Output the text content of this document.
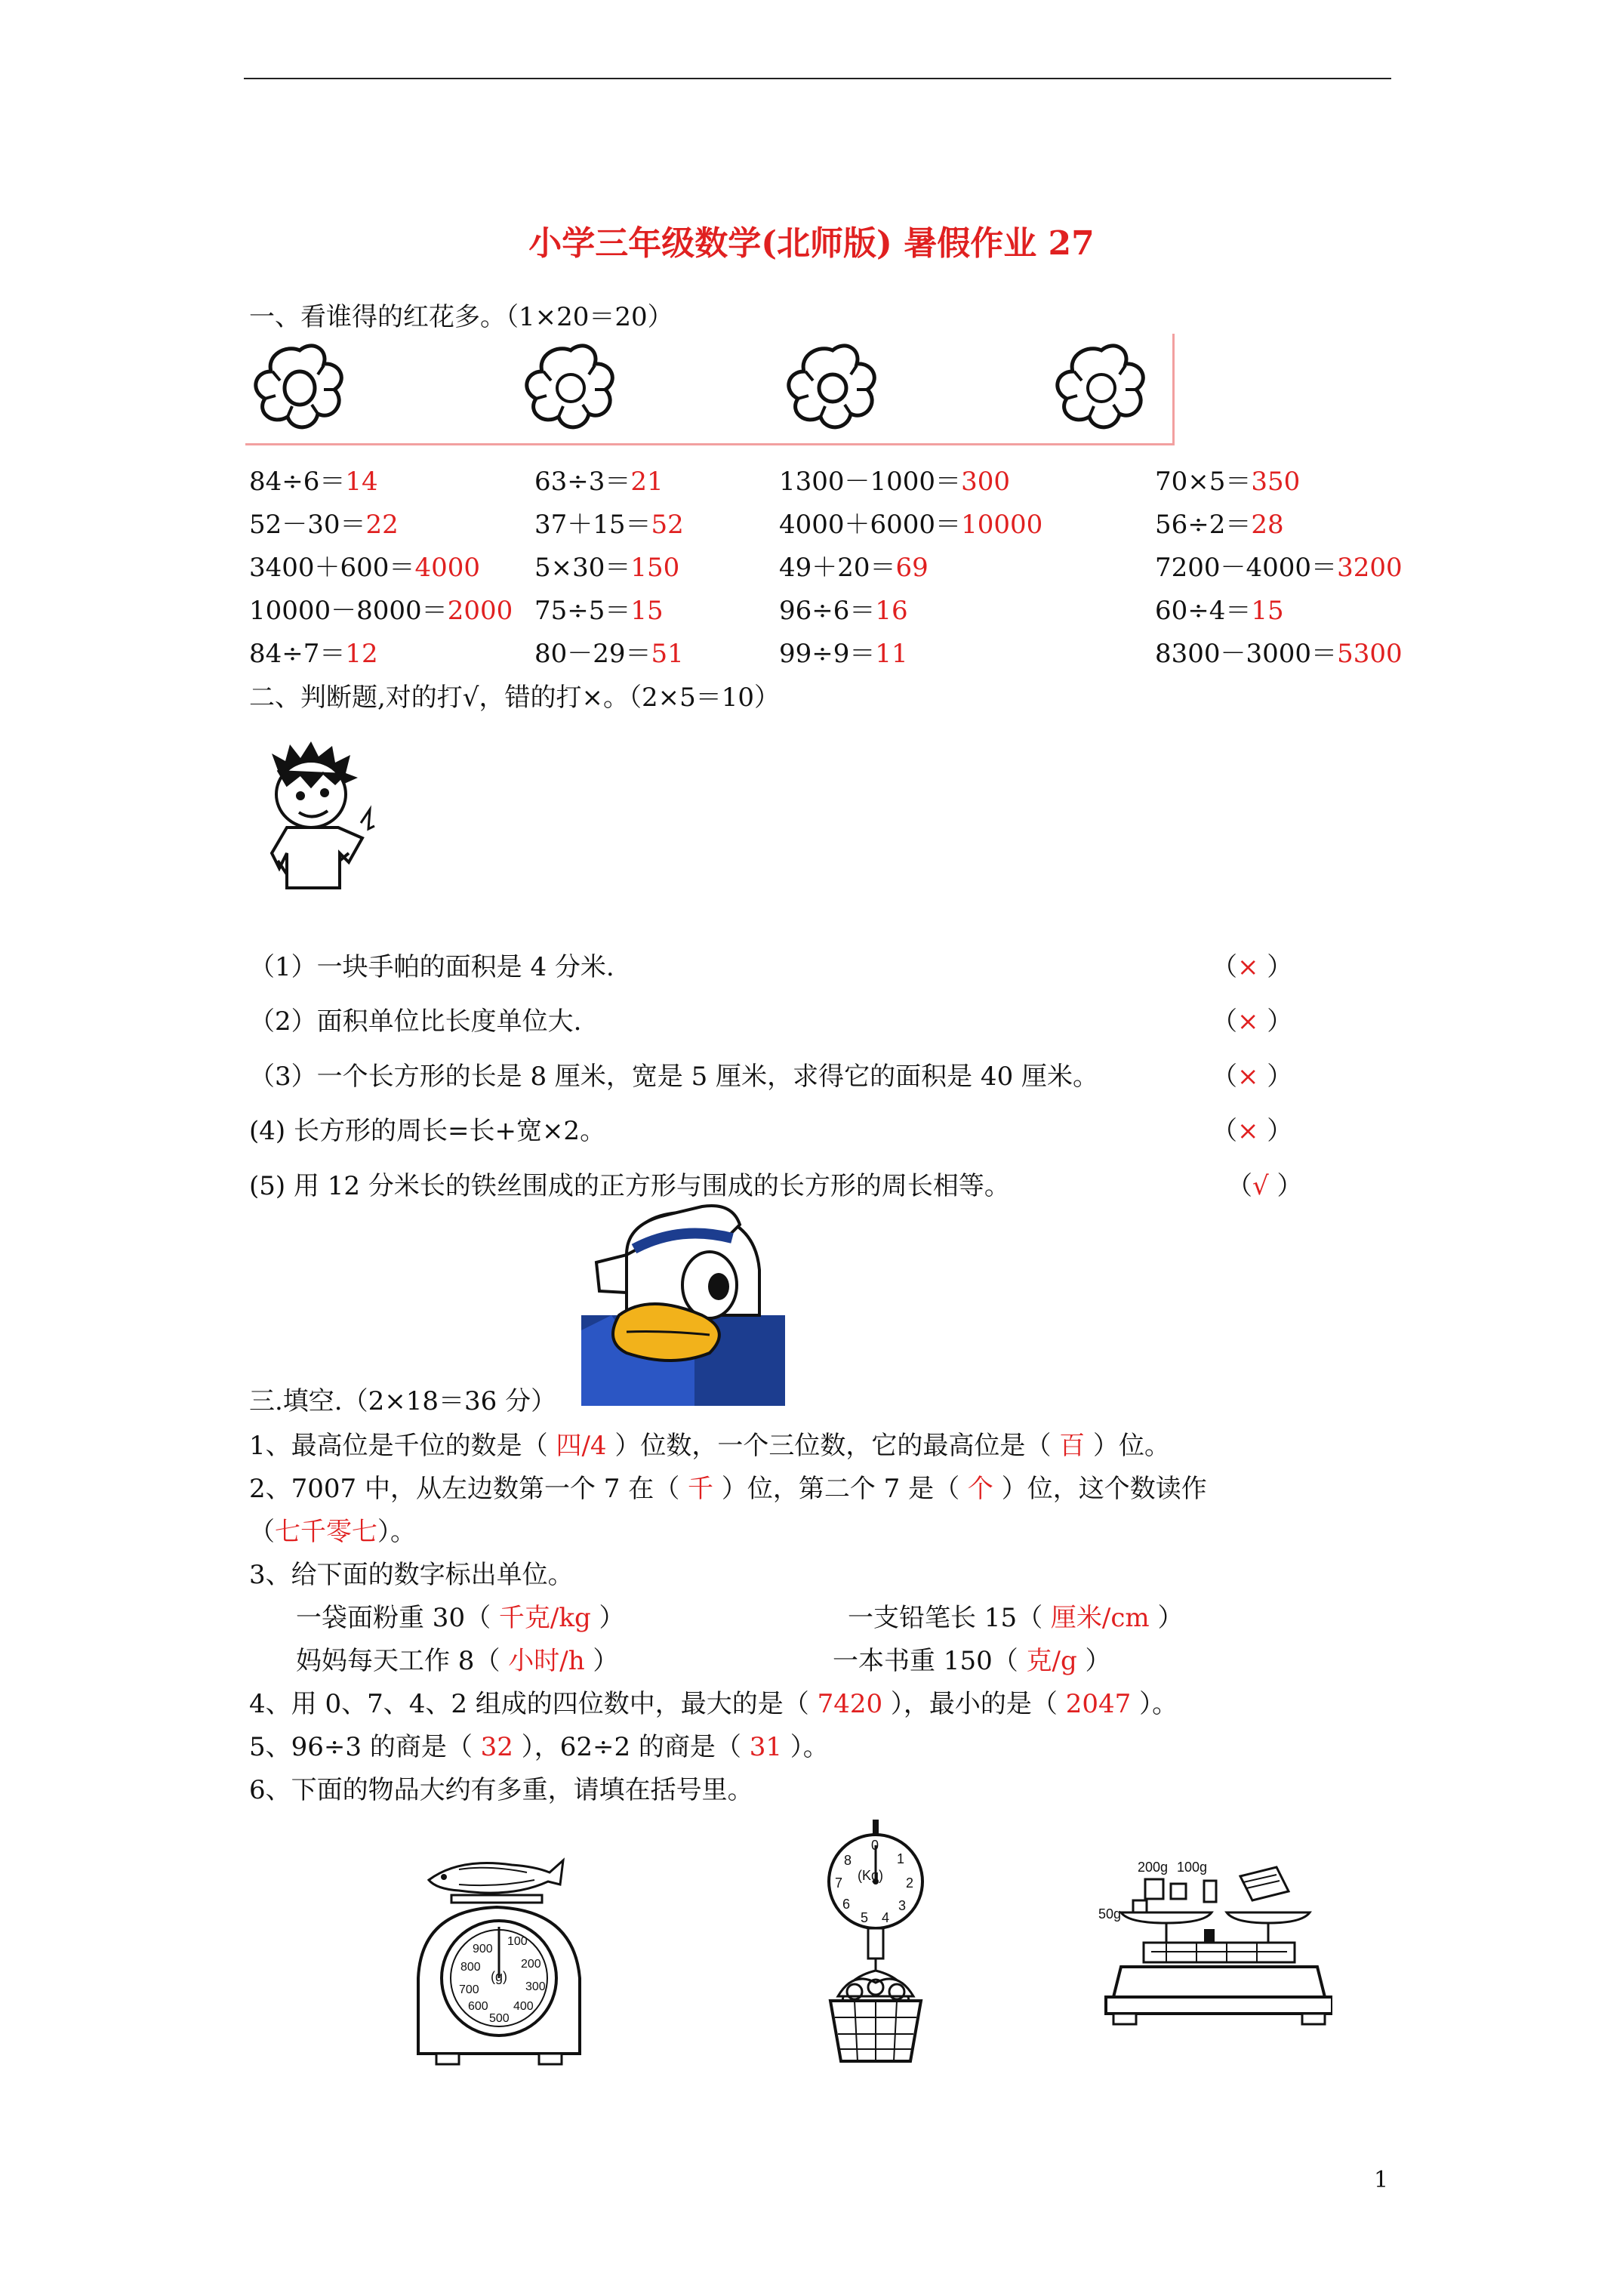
小学三年级数学(北师版) 暑假作业 27
一、看谁得的红花多。（1×20＝20）
84÷6＝14	63÷3＝21	1300－1000＝300	70×5＝350
52－30＝22	37＋15＝52	4000＋6000＝10000	56÷2＝28
3400＋600＝4000 5×30＝150	49＋20＝69	7200－4000＝3200
10000－8000＝2000 75÷5＝15	96÷6＝16	60÷4＝15
84÷7＝12	80－29＝51	99÷9＝11	8300－3000＝5300
二、判断题,对的打√，错的打×。（2×5＝10）
（1）一块手帕的面积是 4 分米.	（× ）
（2）面积单位比长度单位大.	（× ）
（3）一个长方形的长是 8 厘米，宽是 5 厘米，求得它的面积是 40 厘米。	（× ）
(4) 长方形的周长=长+宽×2。	（× ）
(5) 用 12 分米长的铁丝围成的正方形与围成的长方形的周长相等。	（√ ）
三.填空.（2×18＝36 分）
1、最高位是千位的数是（ 四/4 ）位数，一个三位数，它的最高位是（ 百 ）位。
2、7007 中，从左边数第一个 7 在（ 千 ）位，第二个 7 是（ 个 ）位，这个数读作
（七千零七）。
3、给下面的数字标出单位。
一袋面粉重 30（ 千克/kg ）	一支铅笔长 15（ 厘米/cm ）
妈妈每天工作 8（ 小时/h ）	一本书重 150（ 克/g ）
4、用 0、7、4、2 组成的四位数中，最大的是（ 7420 ），最小的是（ 2047 ）。
5、96÷3 的商是（ 32 ），62÷2 的商是（ 31 ）。
6、下面的物品大约有多重，请填在括号里。
900
100
800
(g)
200
700	300
600 400
500
0
1
2
3
4
5
6
7
8
(Kg)
200g 100g
50g
1
